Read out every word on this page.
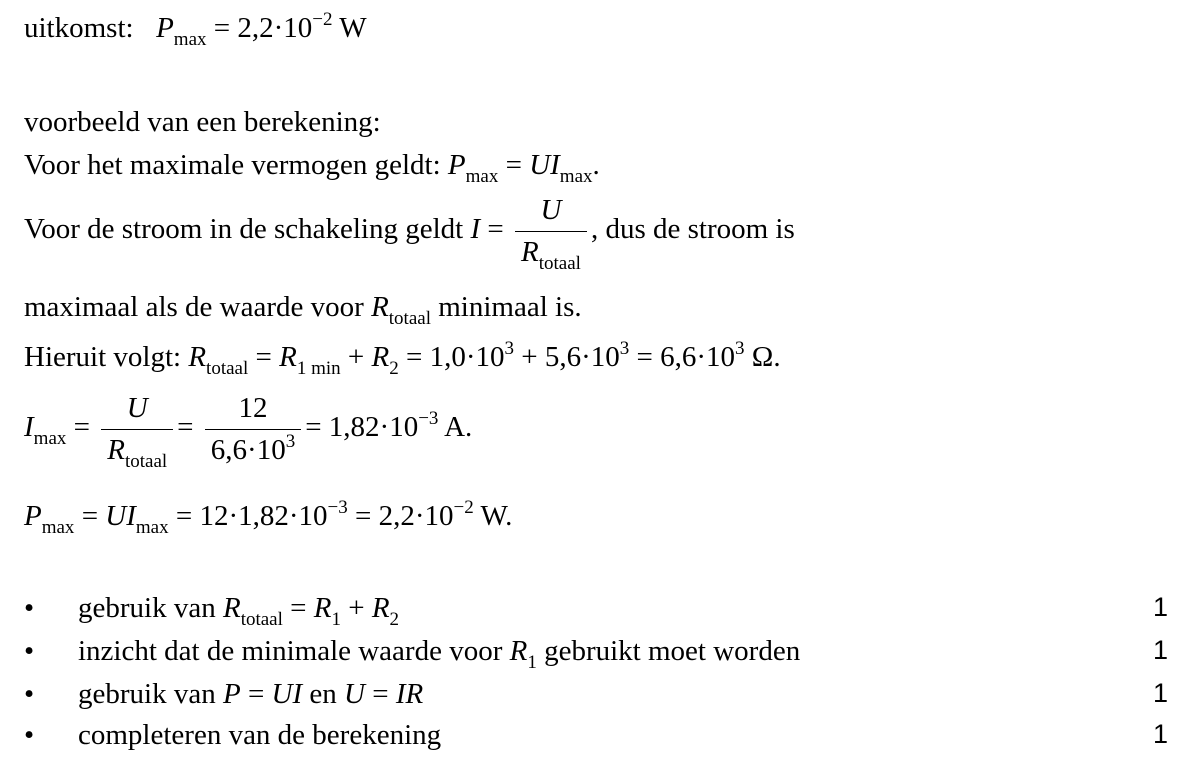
uitkomst: $P_{max} = 2,2\cdot 10^{-2}$ W
voorbeeld van een berekening:
Voor het maximale vermogen geldt: $P_{max} = UI_{max}$.
Voor de stroom in de schakeling geldt $I = \frac{U}{R_{totaal}}$ , dus de stroom is
maximaal als de waarde voor $R_{totaal}$ minimaal is.
Hieruit volgt: $R_{totaal} = R_{1 min} + R_2 = 1,0\cdot 10^3 + 5,6\cdot 10^3 = 6,6\cdot 10^3$ Ω.
$I_{max} = \frac{U}{R_{totaal}} = \frac{12}{6,6\cdot 10^3} = 1,82\cdot 10^{-3}$ A.
$P_{max} = UI_{max} = 12\cdot 1,82\cdot 10^{-3} = 2,2\cdot 10^{-2}$ W.
• gebruik van $R_{totaal} = R_1 + R_2$	1
• inzicht dat de minimale waarde voor $R_1$ gebruikt moet worden	1
• gebruik van P = UI en U = IR	1
• completeren van de berekening	1
